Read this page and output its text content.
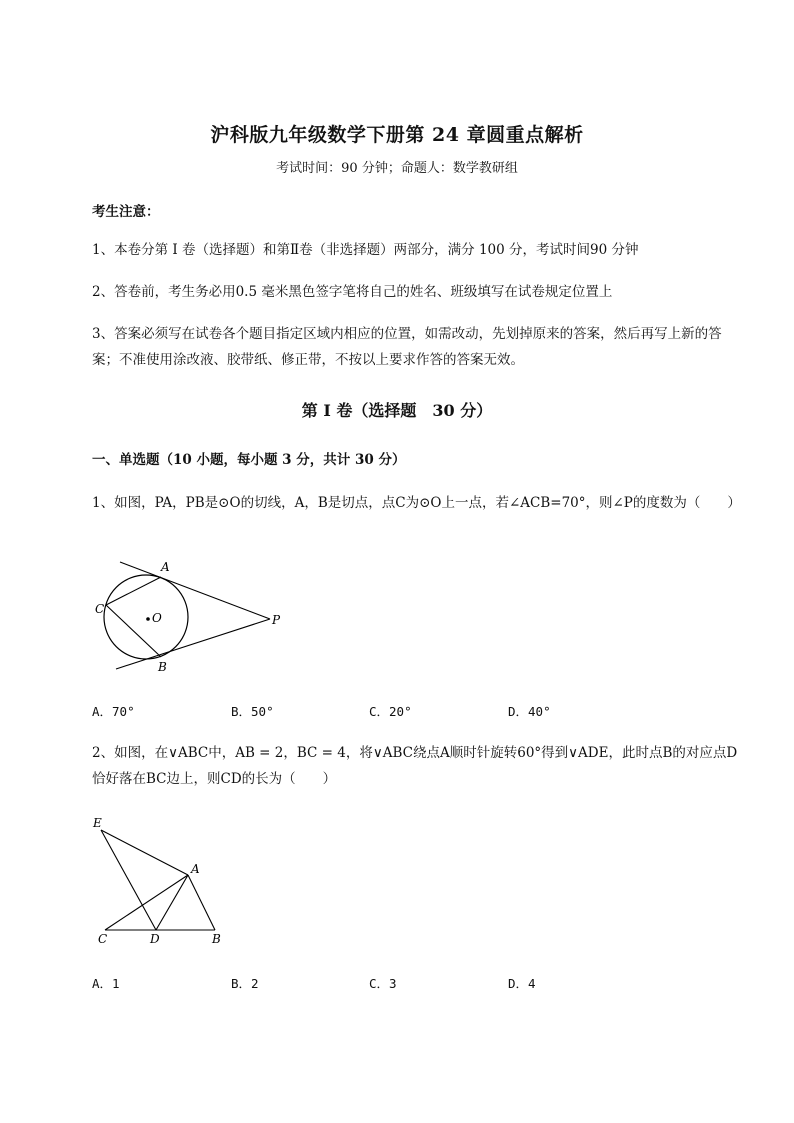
沪科版九年级数学下册第 24 章圆重点解析
考试时间：90 分钟；命题人：数学教研组
考生注意：
1、本卷分第 I 卷（选择题）和第Ⅱ卷（非选择题）两部分，满分 100 分，考试时间90 分钟
2、答卷前，考生务必用0.5 毫米黑色签字笔将自己的姓名、班级填写在试卷规定位置上
3、答案必须写在试卷各个题目指定区域内相应的位置，如需改动，先划掉原来的答案，然后再写上新的答案；不准使用涂改液、胶带纸、修正带，不按以上要求作答的答案无效。
第 I 卷（选择题　30 分）
一、单选题（10 小题，每小题 3 分，共计 30 分）
1、如图，PA，PB是⊙O的切线，A，B是切点，点C为⊙O上一点，若∠ACB=70°，则∠P的度数为（　　）
A
B
C
O	P
A．70°	B．50°	C．20°	D．40°
2、如图，在∨ABC中，AB = 2，BC = 4，将∨ABC绕点A顺时针旋转60°得到∨ADE，此时点B的对应点D恰好落在BC边上，则CD的长为（　　）
E
A
C	D	B
A．1	B．2	C．3	D．4
